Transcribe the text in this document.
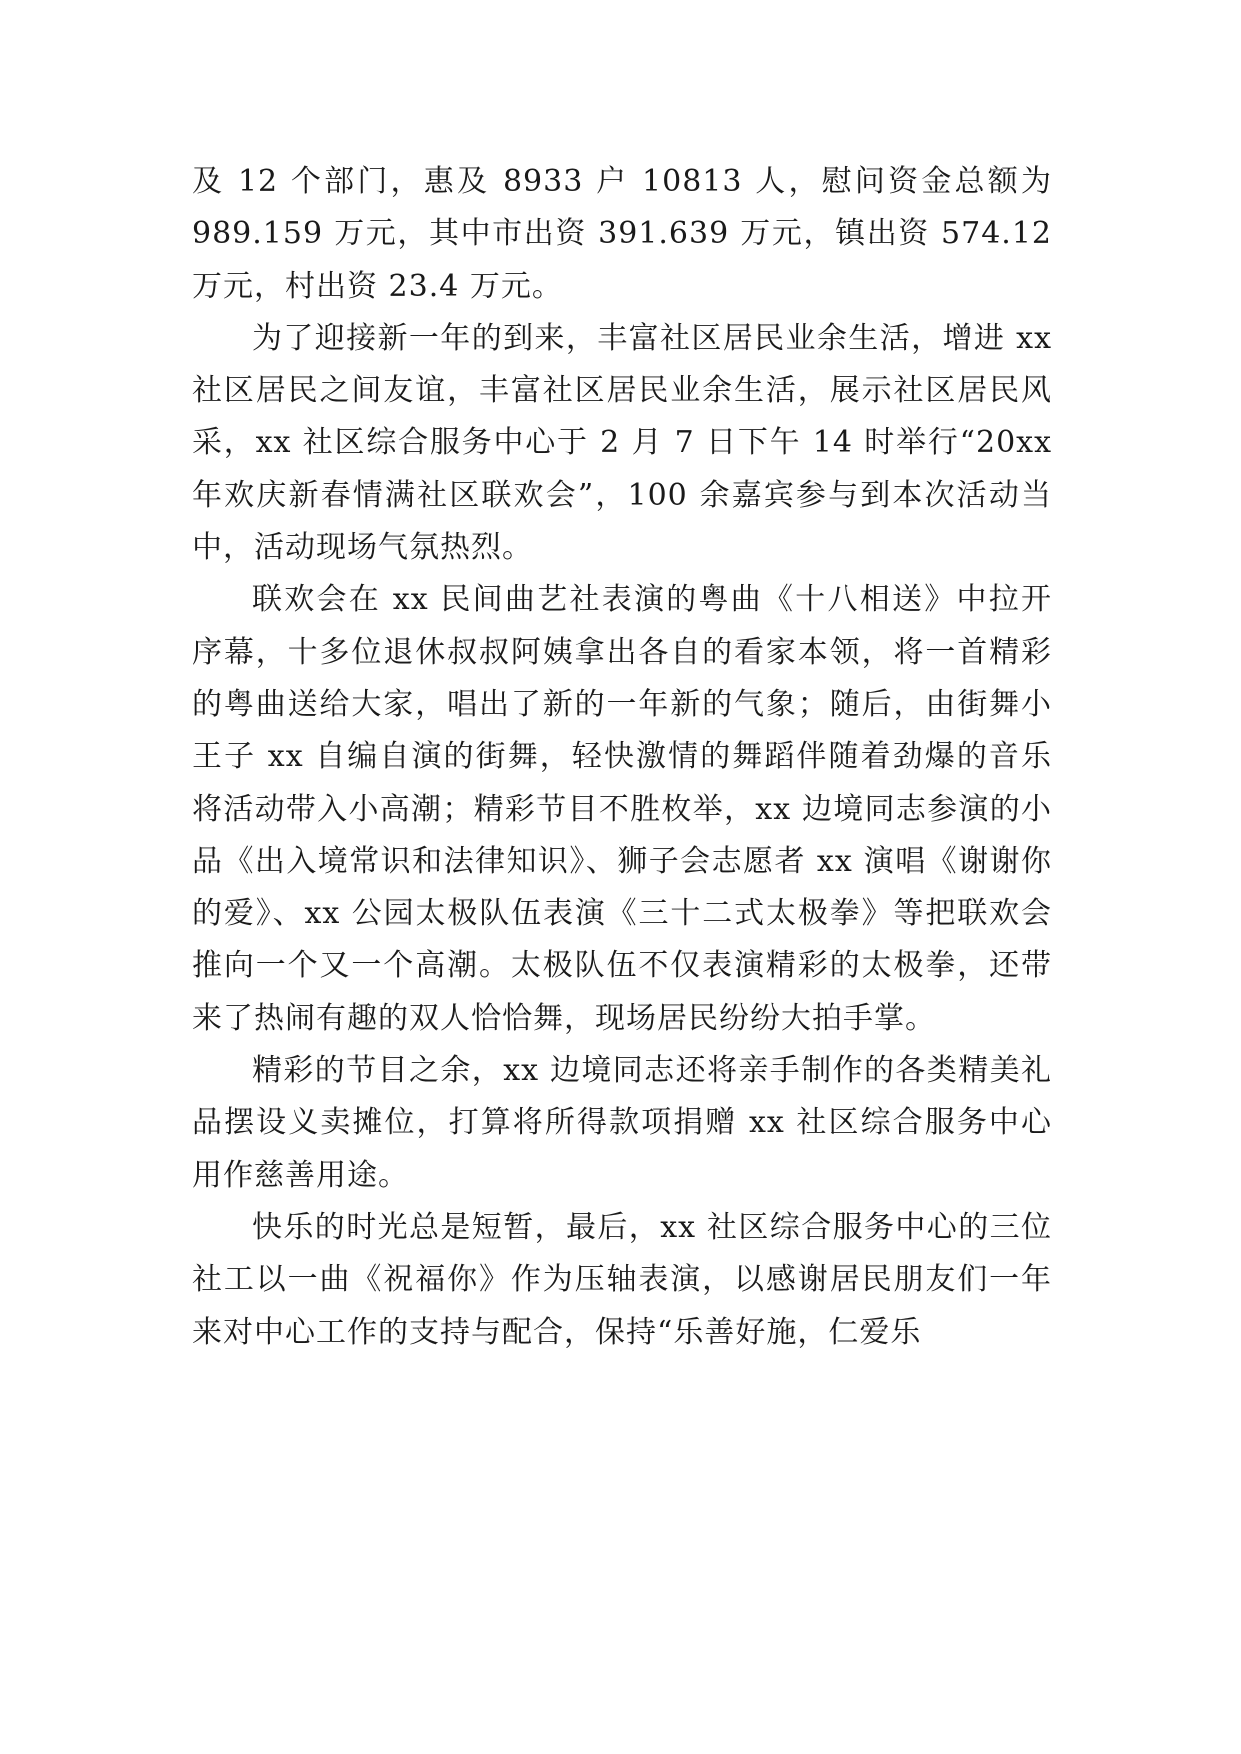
及 12 个部门，惠及 8933 户 10813 人，慰问资金总额为 989.159 万元，其中市出资 391.639 万元，镇出资 574.12 万元，村出资 23.4 万元。

为了迎接新一年的到来，丰富社区居民业余生活，增进 xx 社区居民之间友谊，丰富社区居民业余生活，展示社区居民风采，xx 社区综合服务中心于 2 月 7 日下午 14 时举行“20xx 年欢庆新春情满社区联欢会”，100 余嘉宾参与到本次活动当中，活动现场气氛热烈。

联欢会在 xx 民间曲艺社表演的粤曲《十八相送》中拉开序幕，十多位退休叔叔阿姨拿出各自的看家本领，将一首精彩的粤曲送给大家，唱出了新的一年新的气象；随后，由街舞小王子 xx 自编自演的街舞，轻快激情的舞蹈伴随着劲爆的音乐将活动带入小高潮；精彩节目不胜枚举，xx 边境同志参演的小品《出入境常识和法律知识》、狮子会志愿者 xx 演唱《谢谢你的爱》、xx 公园太极队伍表演《三十二式太极拳》等把联欢会推向一个又一个高潮。太极队伍不仅表演精彩的太极拳，还带来了热闹有趣的双人恰恰舞，现场居民纷纷大拍手掌。

精彩的节目之余，xx 边境同志还将亲手制作的各类精美礼品摆设义卖摊位，打算将所得款项捐赠 xx 社区综合服务中心用作慈善用途。

快乐的时光总是短暂，最后，xx 社区综合服务中心的三位社工以一曲《祝福你》作为压轴表演，以感谢居民朋友们一年来对中心工作的支持与配合，保持“乐善好施，仁爱乐
